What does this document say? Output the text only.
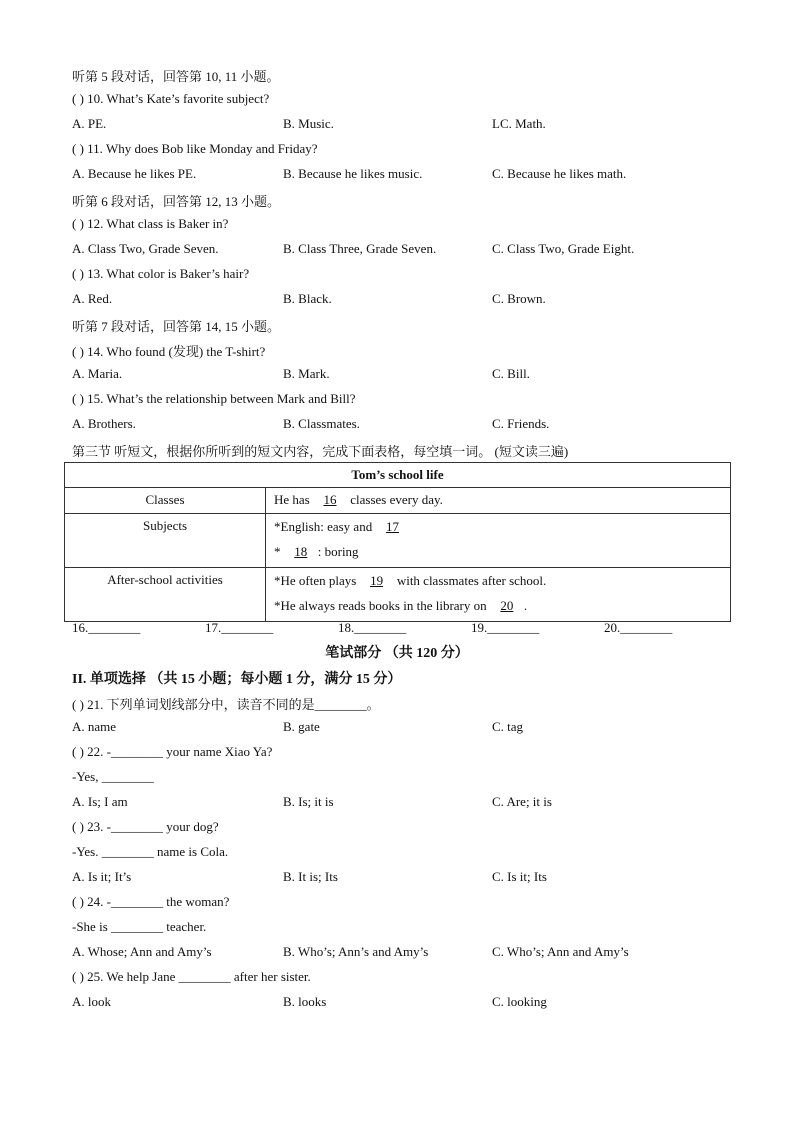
听第 5 段对话，回答第 10, 11 小题。
( ) 10. What’s Kate’s favorite subject?
A. PE.	B. Music.	LC. Math.
( ) 11. Why does Bob like Monday and Friday?
A. Because he likes PE.	B. Because he likes music.	C. Because he likes math.
听第 6 段对话，回答第 12, 13 小题。
( ) 12. What class is Baker in?
A. Class Two, Grade Seven.	B. Class Three, Grade Seven.	C. Class Two, Grade Eight.
( ) 13. What color is Baker’s hair?
A. Red.	B. Black.	C. Brown.
听第 7 段对话，回答第 14, 15 小题。
( ) 14. Who found (发现) the T-shirt?
A. Maria.	B. Mark.	C. Bill.
( ) 15. What’s the relationship between Mark and Bill?
A. Brothers.	B. Classmates.	C. Friends.
第三节 听短文，根据你所听到的短文内容，完成下面表格，每空填一词。 (短文读三遍)
Tom’s school life	
Classes	He has 16 classes every day.
Subjects	*English: easy and 17
* 18 : boring

After-school activities	*He often plays 19 with classmates after school.
*He always reads books in the library on 20 .
16.________	17.________	18.________	19.________	20.________
笔试部分 （共 120 分）
II. 单项选择 （共 15 小题；每小题 1 分，满分 15 分）
( ) 21. 下列单词划线部分中，读音不同的是________。
A. name	B. gate	C. tag
( ) 22. -________ your name Xiao Ya?
-Yes, ________
A. Is; I am	B. Is; it is	C. Are; it is
( ) 23. -________ your dog?
-Yes. ________ name is Cola.
A. Is it; It’s	B. It is; Its	C. Is it; Its
( ) 24. -________ the woman?
-She is ________ teacher.
A. Whose; Ann and Amy’s	B. Who’s; Ann’s and Amy’s	C. Who’s; Ann and Amy’s
( ) 25. We help Jane ________ after her sister.
A. look	B. looks	C. looking
